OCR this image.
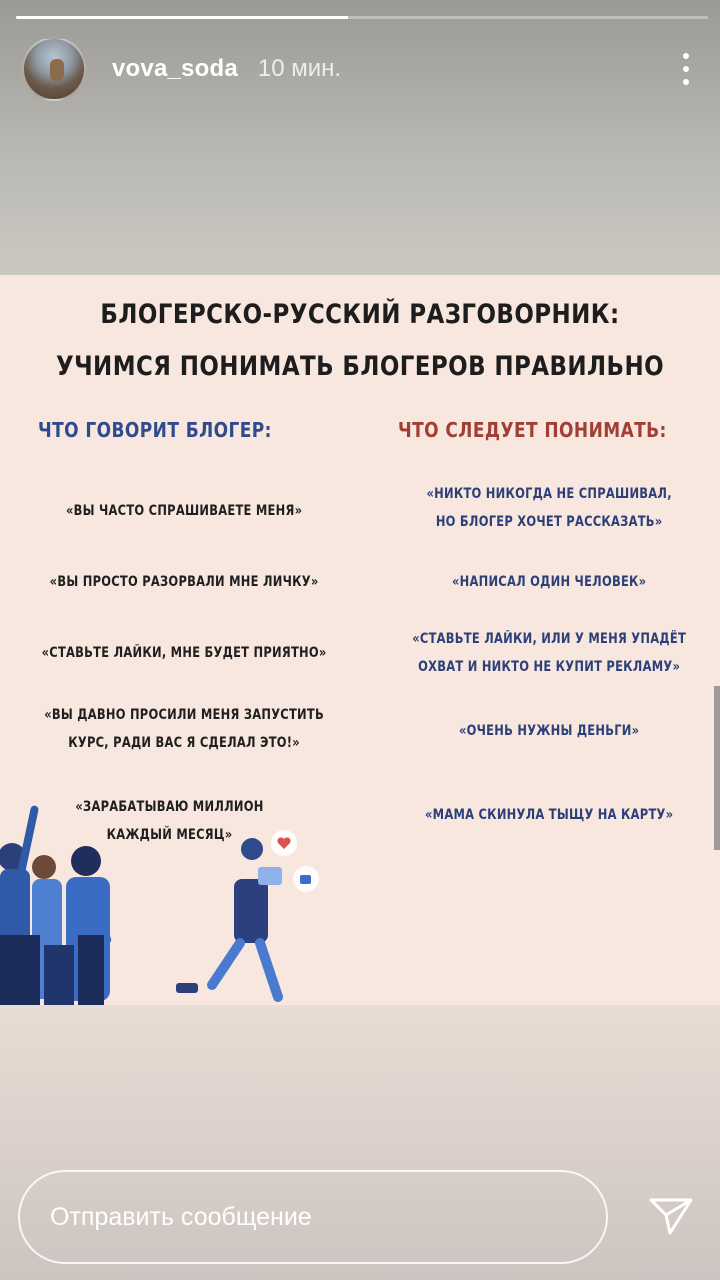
vova_soda 10 мин.
БЛОГЕРСКО-РУССКИЙ РАЗГОВОРНИК:
УЧИМСЯ ПОНИМАТЬ БЛОГЕРОВ ПРАВИЛЬНО
ЧТО ГОВОРИТ БЛОГЕР:	ЧТО СЛЕДУЕТ ПОНИМАТЬ:
«ВЫ ЧАСТО СПРАШИВАЕТЕ МЕНЯ»
«ВЫ ПРОСТО РАЗОРВАЛИ МНЕ ЛИЧКУ»
«СТАВЬТЕ ЛАЙКИ, МНЕ БУДЕТ ПРИЯТНО»
«ВЫ ДАВНО ПРОСИЛИ МЕНЯ ЗАПУСТИТЬ
КУРС, РАДИ ВАС Я СДЕЛАЛ ЭТО!»
«ЗАРАБАТЫВАЮ МИЛЛИОН
КАЖДЫЙ МЕСЯЦ»
«НИКТО НИКОГДА НЕ СПРАШИВАЛ,
НО БЛОГЕР ХОЧЕТ РАССКАЗАТЬ»
«НАПИСАЛ ОДИН ЧЕЛОВЕК»
«СТАВЬТЕ ЛАЙКИ, ИЛИ У МЕНЯ УПАДЁТ
ОХВАТ И НИКТО НЕ КУПИТ РЕКЛАМУ»
«ОЧЕНЬ НУЖНЫ ДЕНЬГИ»
«МАМА СКИНУЛА ТЫЩУ НА КАРТУ»
Отправить сообщение
